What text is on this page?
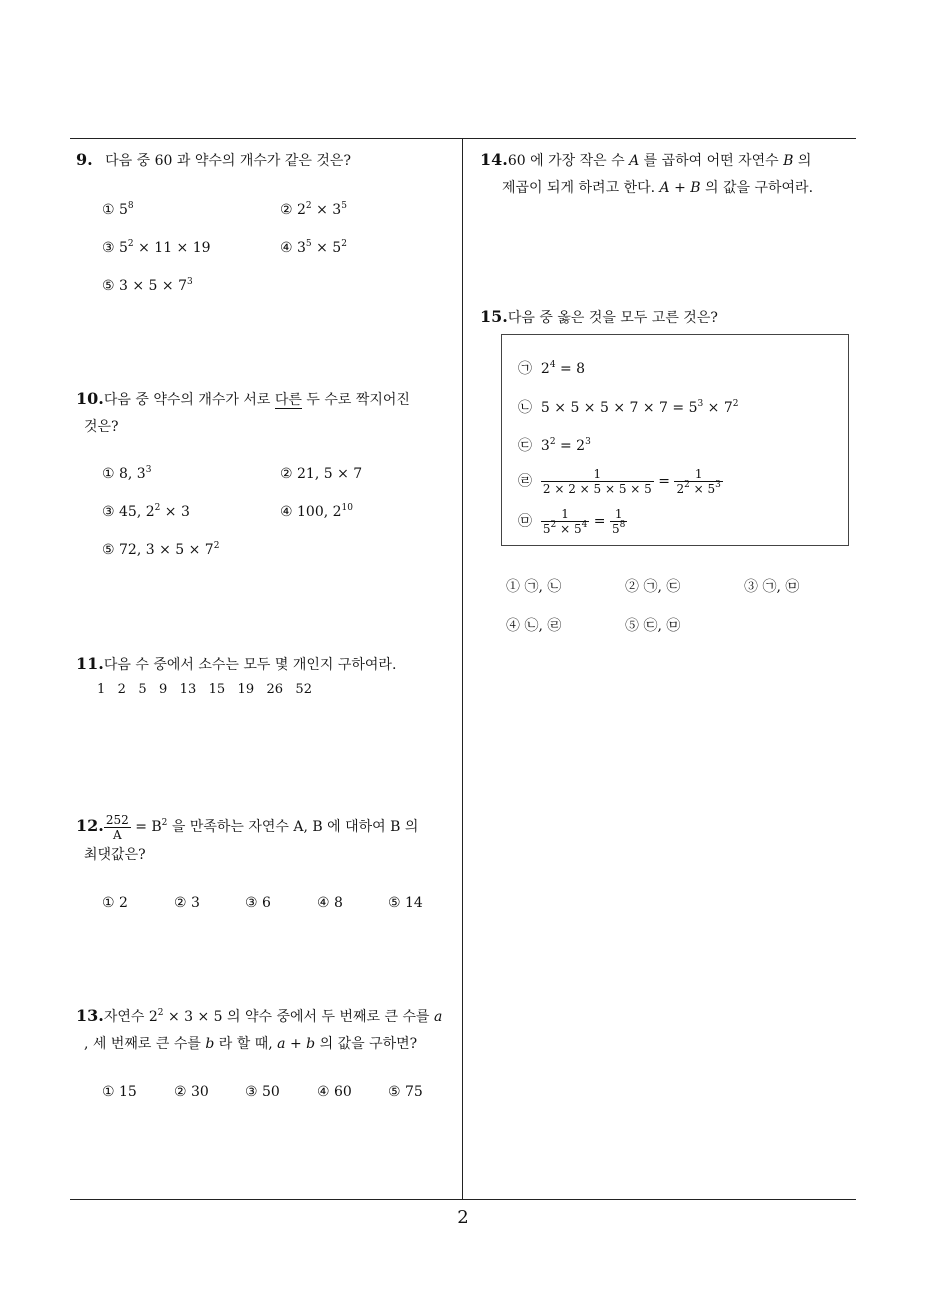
9. 다음 중 60 과 약수의 개수가 같은 것은?
① $5^8$	② $2^2 \times 3^5$
③ $5^2 \times 11 \times 19$	④ $3^5 \times 5^2$
⑤ $3 \times 5 \times 7^3$
10.다음 중 약수의 개수가 서로 다른 두 수로 짝지어진
것은?
① 8, $3^3$	② 21, 5 × 7
③ 45, $2^2 \times 3$	④ 100, $2^{10}$
⑤ 72, $3 \times 5 \times 7^2$
11.다음 수 중에서 소수는 모두 몇 개인지 구하여라.
1   2   5   9   13   15   19   26   52
12. $\frac{252}{A} = B^2$ 을 만족하는 자연수 A, B 에 대하여 B 의
최댓값은?
① 2	② 3	③ 6	④ 8	⑤ 14
13.자연수 $2^2 \times 3 \times 5$ 의 약수 중에서 두 번째로 큰 수를 a
, 세 번째로 큰 수를 b 라 할 때, a + b 의 값을 구하면?
① 15	② 30	③ 50	④ 60	⑤ 75
14.60 에 가장 작은 수 A 를 곱하여 어떤 자연수 B 의
제곱이 되게 하려고 한다. A + B 의 값을 구하여라.
15.다음 중 옳은 것을 모두 고른 것은?
㉠  $2^4 = 8$
㉡  $5 \times 5 \times 5 \times 7 \times 7 = 5^3 \times 7^2$
㉢  $3^2 = 2^3$
㉣ $\frac{1}{2 \times 2 \times 5 \times 5 \times 5} = \frac{1}{2^2 \times 5^3}$
㉤ $\frac{1}{5^2 \times 5^4} = \frac{1}{5^8}$
① ㉠, ㉡	② ㉠, ㉢	③ ㉠, ㉤
④ ㉡, ㉣	⑤ ㉢, ㉤
2
